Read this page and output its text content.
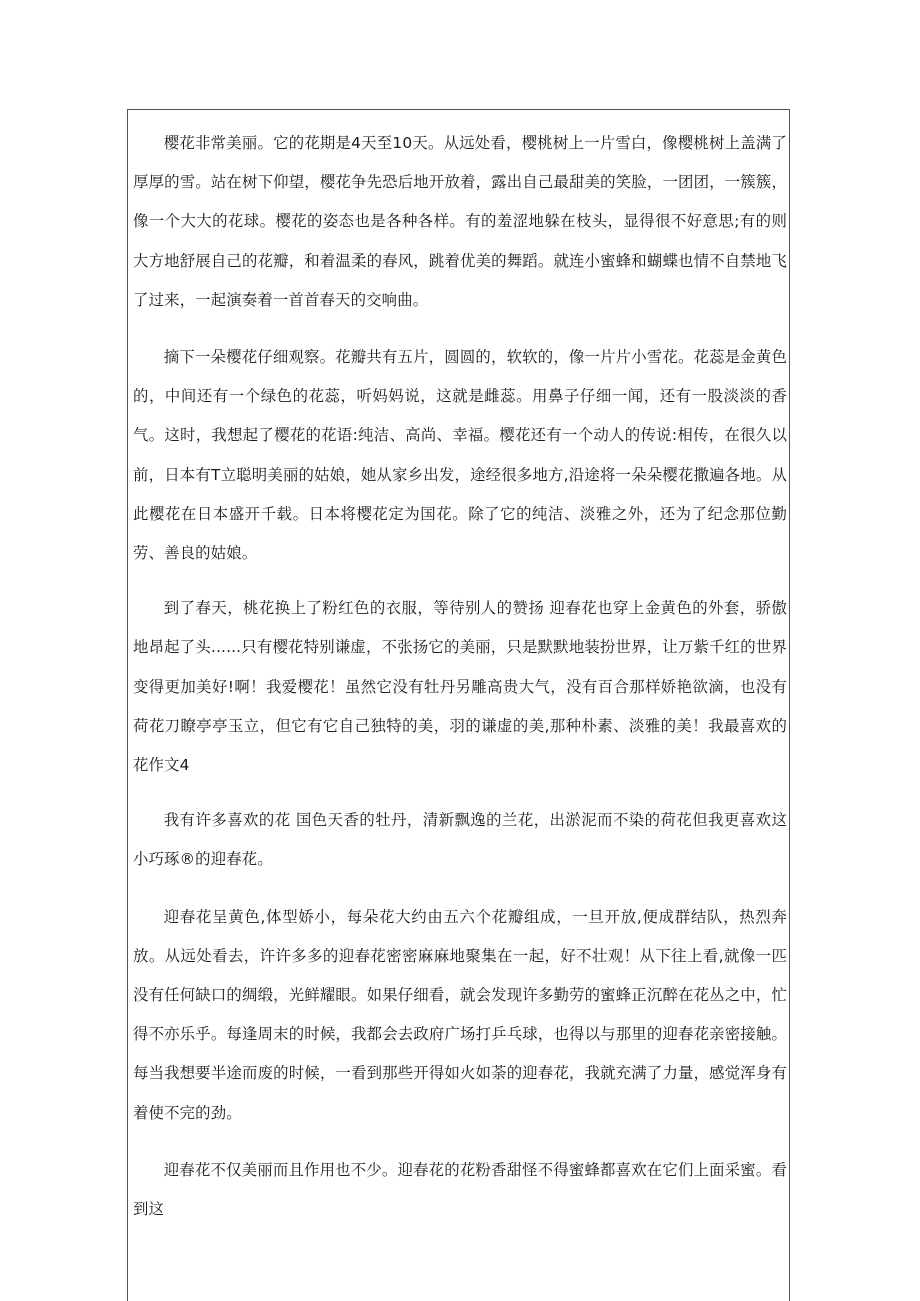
樱花非常美丽。它的花期是4天至10天。从远处看，樱桃树上一片雪白，像樱桃树上盖满了厚厚的雪。站在树下仰望，樱花争先恐后地开放着，露出自己最甜美的笑脸，一团团，一簇簇，像一个大大的花球。樱花的姿态也是各种各样。有的羞涩地躲在枝头，显得很不好意思;有的则大方地舒展自己的花瓣，和着温柔的春风，跳着优美的舞蹈。就连小蜜蜂和蝴蝶也情不自禁地飞了过来，一起演奏着一首首春天的交响曲。

摘下一朵樱花仔细观察。花瓣共有五片，圆圆的，软软的，像一片片小雪花。花蕊是金黄色的，中间还有一个绿色的花蕊，听妈妈说，这就是雌蕊。用鼻子仔细一闻，还有一股淡淡的香气。这时，我想起了樱花的花语:纯洁、高尚、幸福。樱花还有一个动人的传说:相传，在很久以前，日本有T立聪明美丽的姑娘，她从家乡出发，途经很多地方,沿途将一朵朵樱花撒遍各地。从此樱花在日本盛开千载。日本将樱花定为国花。除了它的纯洁、淡雅之外，还为了纪念那位勤劳、善良的姑娘。

到了春天，桃花换上了粉红色的衣服，等待别人的赞扬 迎春花也穿上金黄色的外套，骄傲地昂起了头......只有樱花特别谦虚，不张扬它的美丽，只是默默地装扮世界，让万紫千红的世界变得更加美好!啊！我爱樱花！虽然它没有牡丹另雕高贵大气，没有百合那样娇艳欲滴，也没有荷花刀瞭亭亭玉立，但它有它自己独特的美，羽的谦虚的美,那种朴素、淡雅的美！我最喜欢的花作文4

我有许多喜欢的花 国色天香的牡丹，清新飘逸的兰花，出淤泥而不染的荷花但我更喜欢这小巧琢®的迎春花。

迎春花呈黄色,体型娇小，每朵花大约由五六个花瓣组成，一旦开放,便成群结队，热烈奔放。从远处看去，许许多多的迎春花密密麻麻地聚集在一起，好不壮观！从下往上看,就像一匹没有任何缺口的绸缎，光鲜耀眼。如果仔细看，就会发现许多勤劳的蜜蜂正沉醉在花丛之中，忙得不亦乐乎。每逢周末的时候，我都会去政府广场打乒乓球，也得以与那里的迎春花亲密接触。每当我想要半途而废的时候，一看到那些开得如火如荼的迎春花，我就充满了力量，感觉浑身有着使不完的劲。

迎春花不仅美丽而且作用也不少。迎春花的花粉香甜怪不得蜜蜂都喜欢在它们上面采蜜。看到这
